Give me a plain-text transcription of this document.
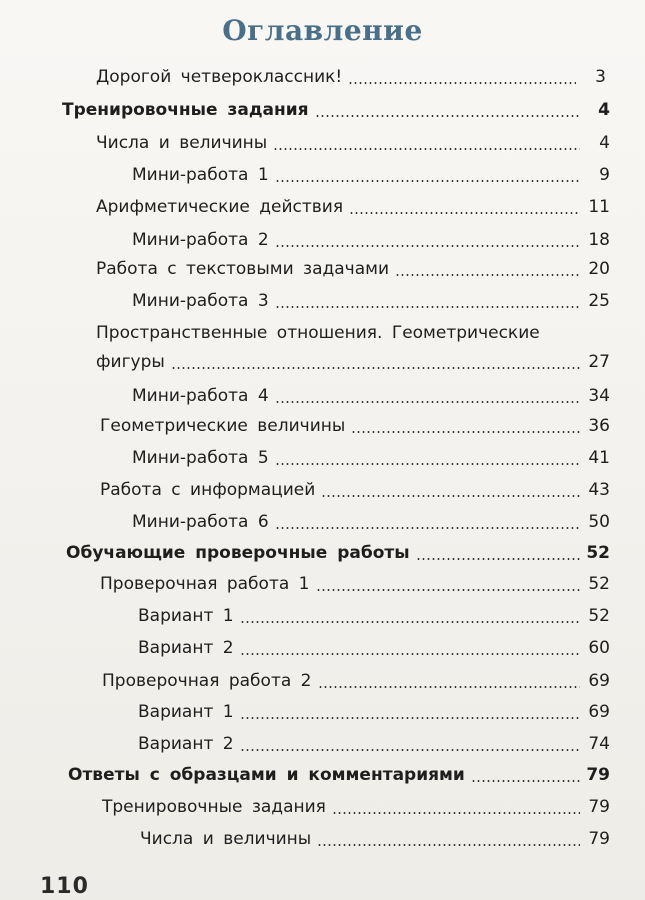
Оглавление
Дорогой четвероклассник!	3
Тренировочные задания	4
Числа и величины	4
Мини-работа 1	9
Арифметические действия	11
Мини-работа 2	18
Работа с текстовыми задачами	20
Мини-работа 3	25
Пространственные отношения. Геометрические
фигуры	27
Мини-работа 4	34
Геометрические величины	36
Мини-работа 5	41
Работа с информацией	43
Мини-работа 6	50
Обучающие проверочные работы	52
Проверочная работа 1	52
Вариант 1	52
Вариант 2	60
Проверочная работа 2	69
Вариант 1	69
Вариант 2	74
Ответы с образцами и комментариями	79
Тренировочные задания	79
Числа и величины	79
110
